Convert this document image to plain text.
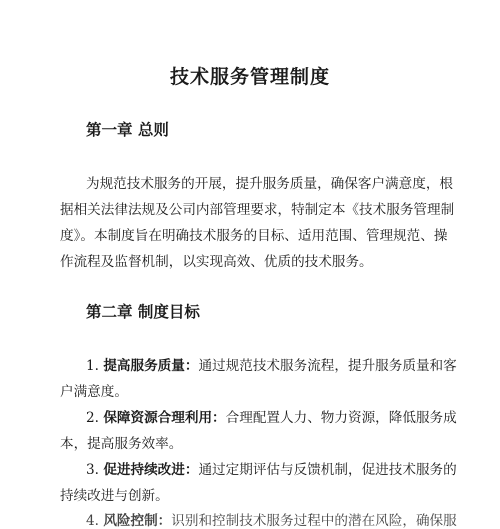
技术服务管理制度
第一章 总则
为规范技术服务的开展，提升服务质量，确保客户满意度，根
据相关法律法规及公司内部管理要求，特制定本《技术服务管理制
度》。本制度旨在明确技术服务的目标、适用范围、管理规范、操
作流程及监督机制，以实现高效、优质的技术服务。
第二章 制度目标
1. 提高服务质量：通过规范技术服务流程，提升服务质量和客
户满意度。
2. 保障资源合理利用：合理配置人力、物力资源，降低服务成
本，提高服务效率。
3. 促进持续改进：通过定期评估与反馈机制，促进技术服务的
持续改进与创新。
4. 风险控制：识别和控制技术服务过程中的潜在风险，确保服
